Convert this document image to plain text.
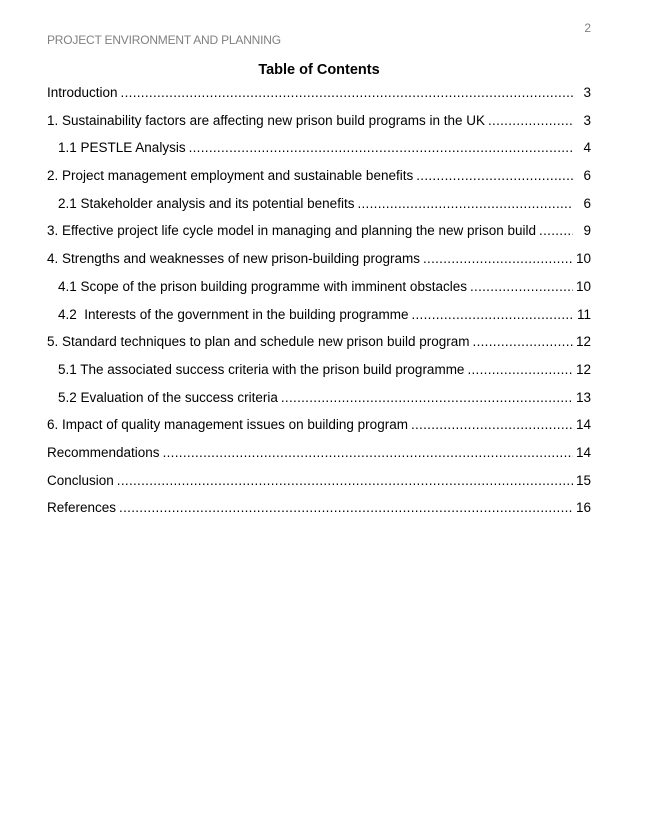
PROJECT ENVIRONMENT AND PLANNING
2
Table of Contents
Introduction .....	3
1. Sustainability factors are affecting new prison build programs in the UK .....	3
1.1 PESTLE Analysis .....	4
2. Project management employment and sustainable benefits .....	6
2.1 Stakeholder analysis and its potential benefits .....	6
3. Effective project life cycle model in managing and planning the new prison build .....	9
4. Strengths and weaknesses of new prison-building programs .....	10
4.1 Scope of the prison building programme with imminent obstacles .....	10
4.2  Interests of the government in the building programme .....	11
5. Standard techniques to plan and schedule new prison build program .....	12
5.1 The associated success criteria with the prison build programme .....	12
5.2 Evaluation of the success criteria .....	13
6. Impact of quality management issues on building program .....	14
Recommendations .....	14
Conclusion .....	15
References .....	16
